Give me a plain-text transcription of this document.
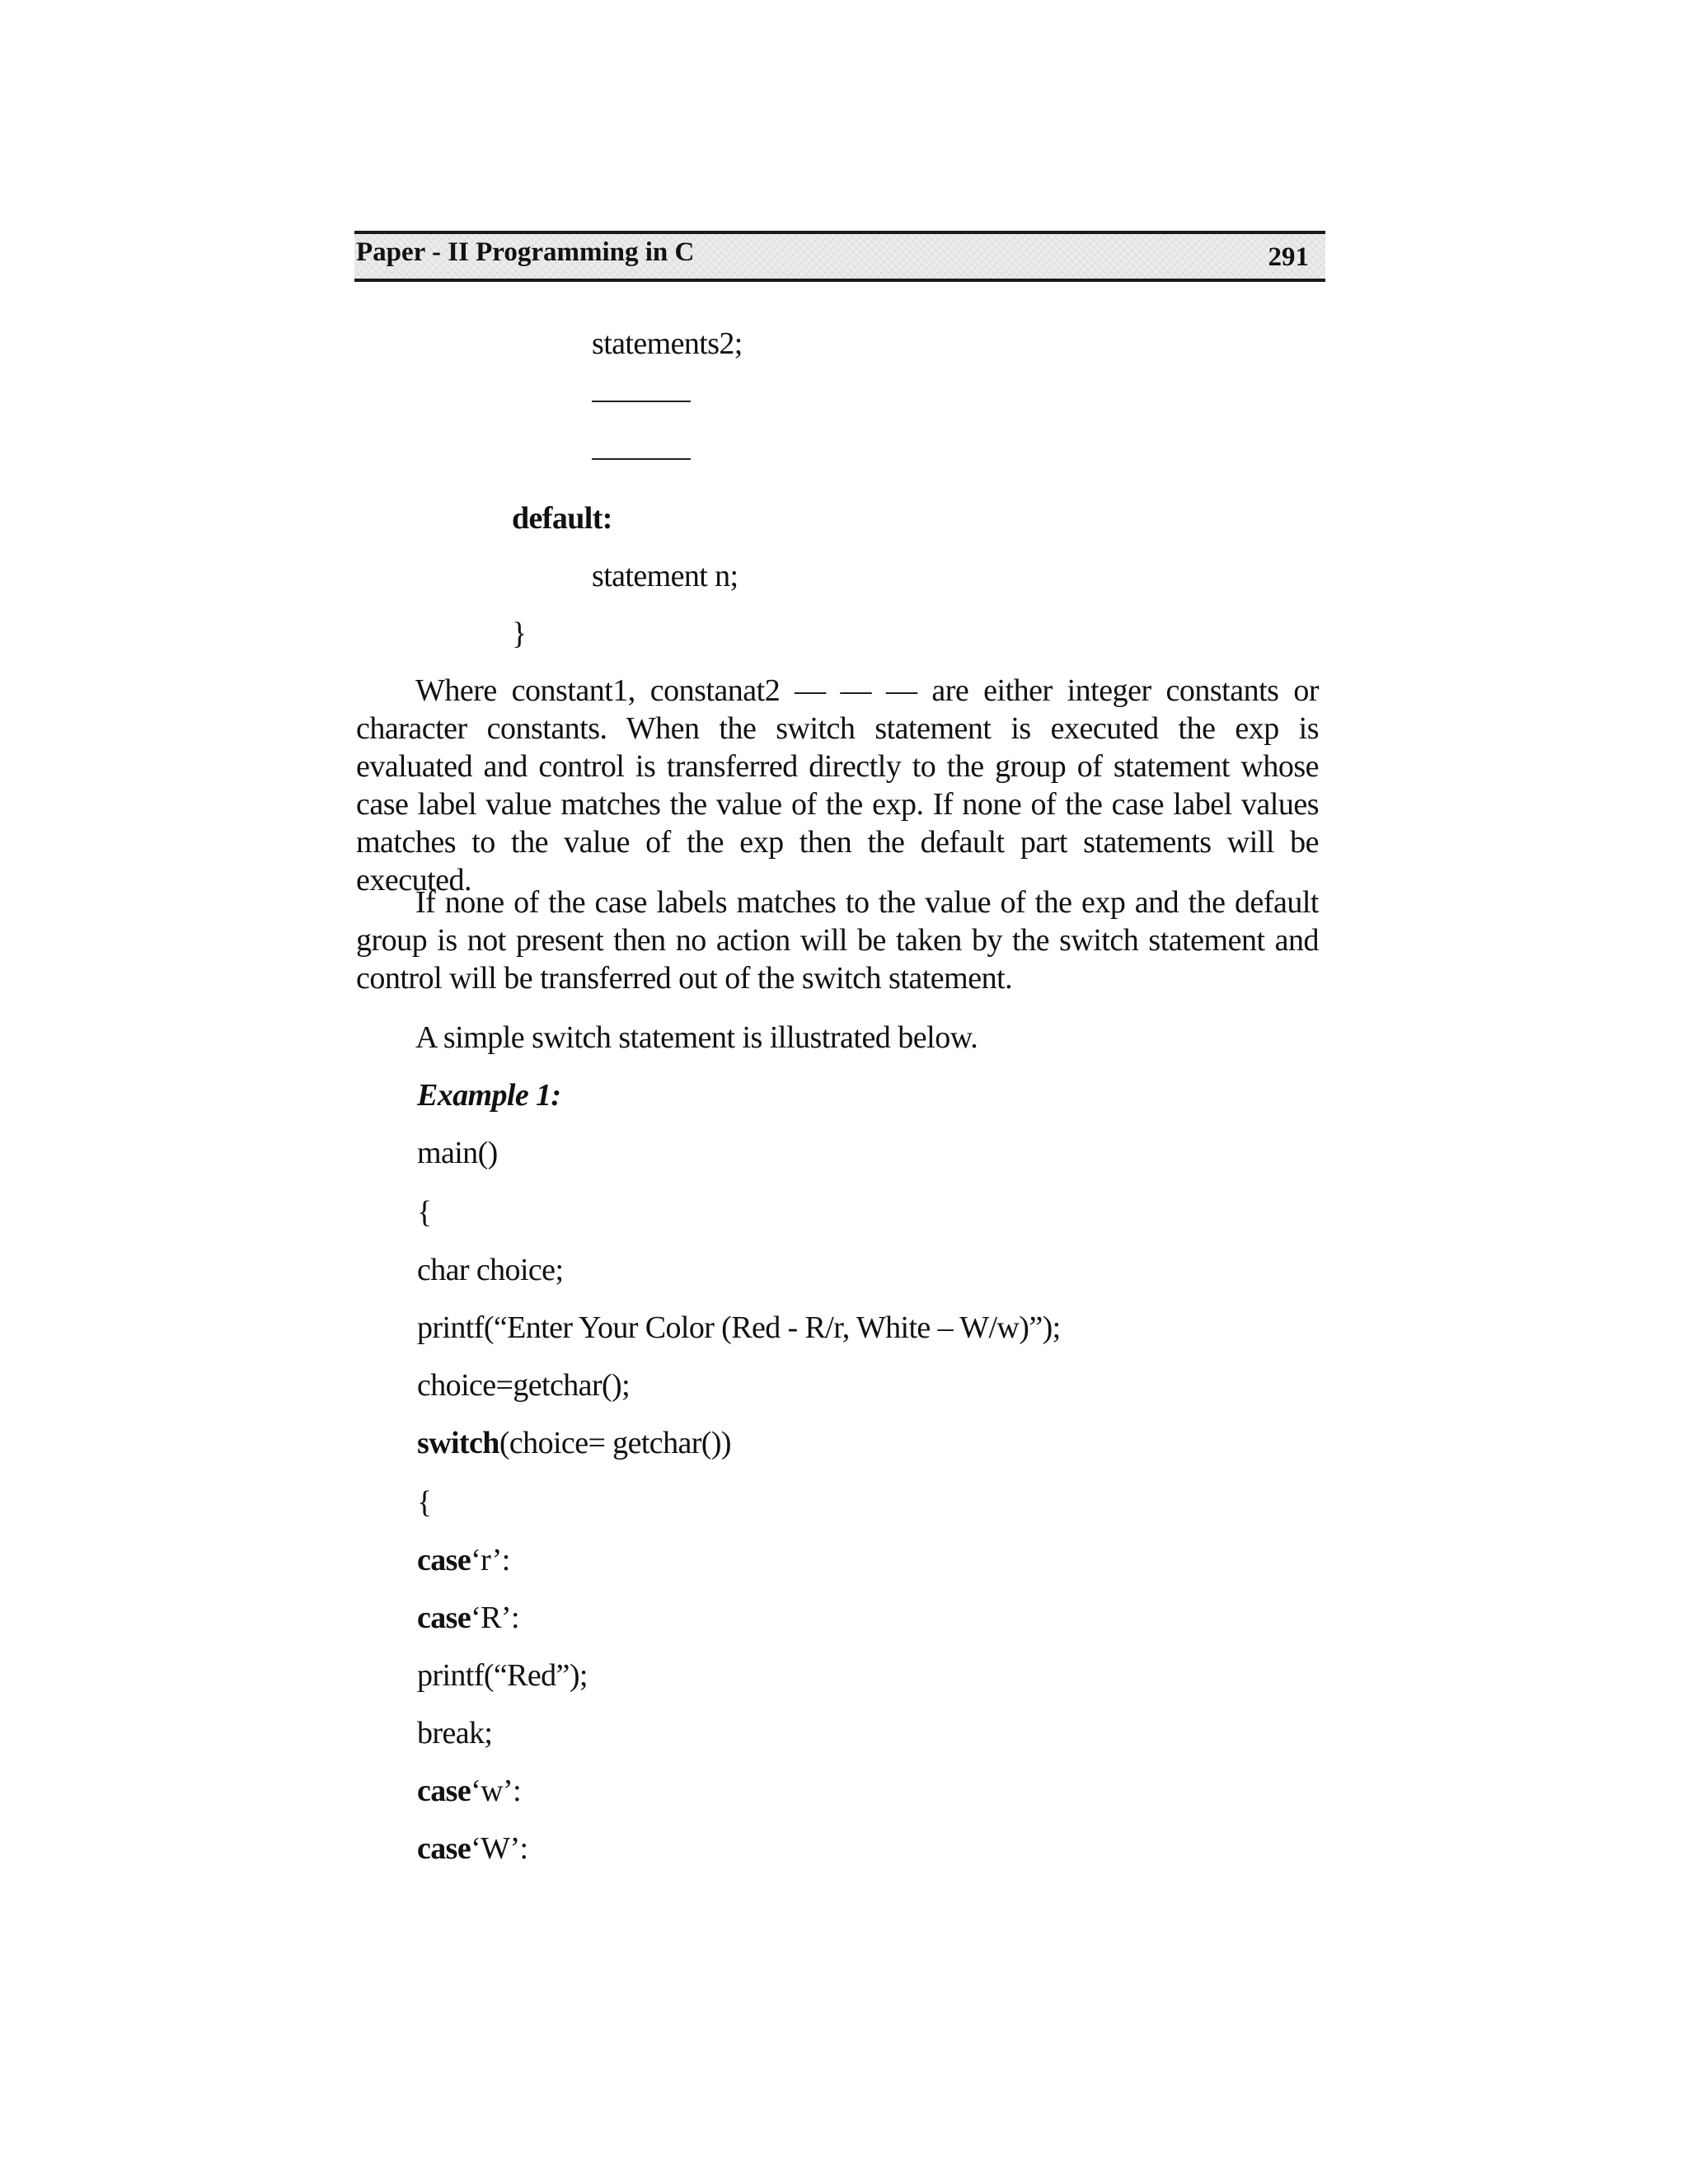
Paper - II Programming in C	291
statements2;
default:
statement n;
}

Where constant1, constanat2 — — — are either integer constants or character constants. When the switch statement is executed the exp is evaluated and control is transferred directly to the group of statement whose case label value matches the value of the exp. If none of the case label values matches to the value of the exp then the default part statements will be executed.

If none of the case labels matches to the value of the exp and the default group is not present then no action will be taken by the switch statement and control will be transferred out of the switch statement.

A simple switch statement is illustrated below.

Example 1:
main()
{
char choice;
printf(“Enter Your Color (Red - R/r, White – W/w)”);
choice=getchar();
switch(choice= getchar())
{
case‘r’:
case‘R’:
printf(“Red”);
break;
case‘w’:
case‘W’:
